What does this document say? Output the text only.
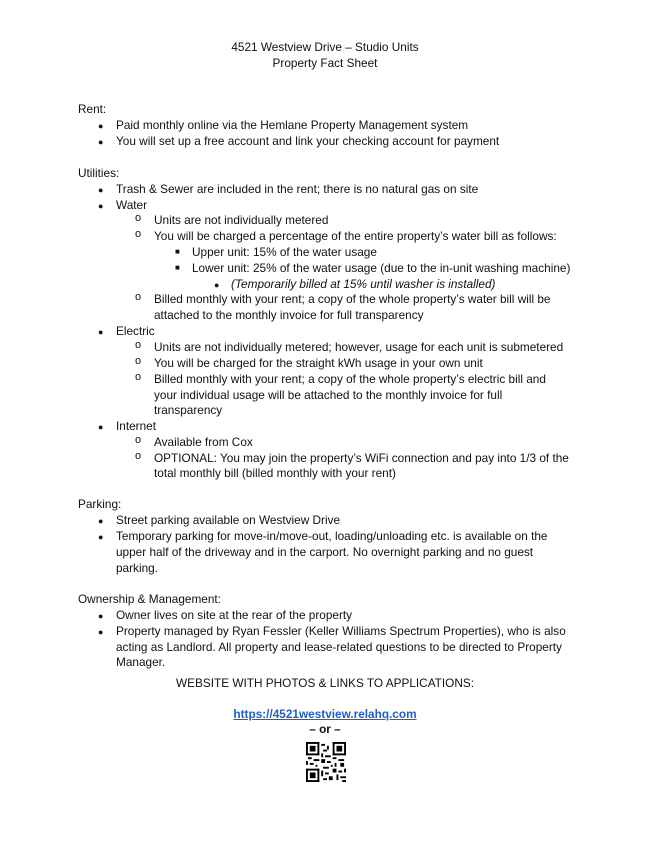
4521 Westview Drive – Studio Units
Property Fact Sheet
Rent:
● Paid monthly online via the Hemlane Property Management system
● You will set up a free account and link your checking account for payment
Utilities:
● Trash & Sewer are included in the rent; there is no natural gas on site
● Water
o Units are not individually metered
o You will be charged a percentage of the entire property’s water bill as follows:
■ Upper unit: 15% of the water usage
■ Lower unit: 25% of the water usage (due to the in-unit washing machine)
● (Temporarily billed at 15% until washer is installed)
o Billed monthly with your rent; a copy of the whole property’s water bill will be
attached to the monthly invoice for full transparency
● Electric
o Units are not individually metered; however, usage for each unit is submetered
o You will be charged for the straight kWh usage in your own unit
o Billed monthly with your rent; a copy of the whole property’s electric bill and
your individual usage will be attached to the monthly invoice for full
transparency
● Internet
o Available from Cox
o OPTIONAL: You may join the property’s WiFi connection and pay into 1/3 of the
total monthly bill (billed monthly with your rent)
Parking:
● Street parking available on Westview Drive
● Temporary parking for move-in/move-out, loading/unloading etc. is available on the
upper half of the driveway and in the carport. No overnight parking and no guest
parking.
Ownership & Management:
● Owner lives on site at the rear of the property
● Property managed by Ryan Fessler (Keller Williams Spectrum Properties), who is also
acting as Landlord. All property and lease-related questions to be directed to Property
Manager.
WEBSITE WITH PHOTOS & LINKS TO APPLICATIONS:
https://4521westview.relahq.com
– or –
